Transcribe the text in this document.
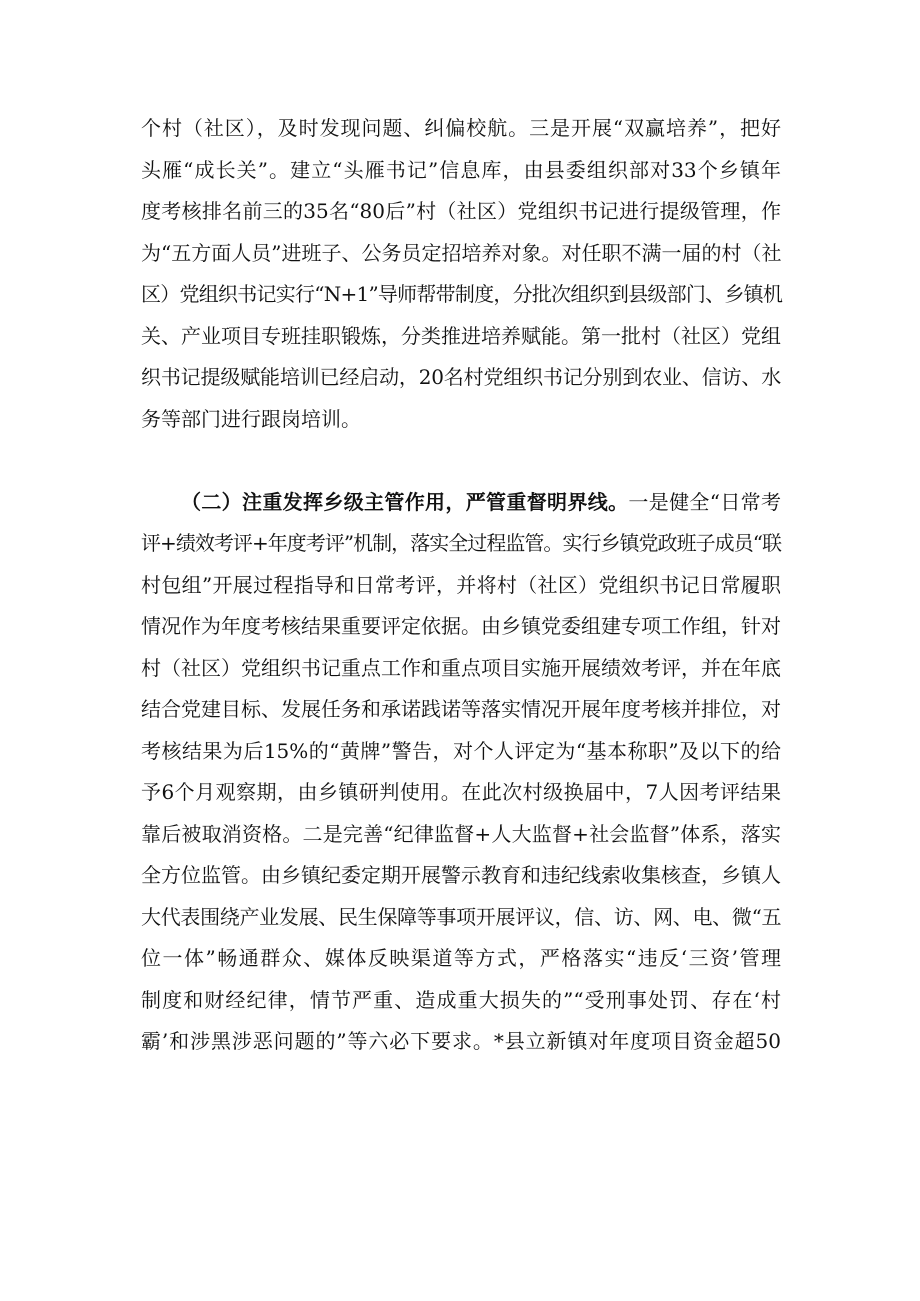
个村（社区），及时发现问题、纠偏校航。三是开展“双赢培养”，把好
头雁“成长关”。建立“头雁书记”信息库，由县委组织部对33个乡镇年
度考核排名前三的35名“80后”村（社区）党组织书记进行提级管理，作
为“五方面人员”进班子、公务员定招培养对象。对任职不满一届的村（社
区）党组织书记实行“N+1”导师帮带制度，分批次组织到县级部门、乡镇机
关、产业项目专班挂职锻炼，分类推进培养赋能。第一批村（社区）党组
织书记提级赋能培训已经启动，20名村党组织书记分别到农业、信访、水
务等部门进行跟岗培训。
（二）注重发挥乡级主管作用，严管重督明界线。一是健全“日常考
评+绩效考评+年度考评”机制，落实全过程监管。实行乡镇党政班子成员“联
村包组”开展过程指导和日常考评，并将村（社区）党组织书记日常履职
情况作为年度考核结果重要评定依据。由乡镇党委组建专项工作组，针对
村（社区）党组织书记重点工作和重点项目实施开展绩效考评，并在年底
结合党建目标、发展任务和承诺践诺等落实情况开展年度考核并排位，对
考核结果为后15%的“黄牌”警告，对个人评定为“基本称职”及以下的给
予6个月观察期，由乡镇研判使用。在此次村级换届中，7人因考评结果
靠后被取消资格。二是完善“纪律监督+人大监督+社会监督”体系，落实
全方位监管。由乡镇纪委定期开展警示教育和违纪线索收集核查，乡镇人
大代表围绕产业发展、民生保障等事项开展评议，信、访、网、电、微“五
位一体”畅通群众、媒体反映渠道等方式，严格落实“违反‘三资’管理
制度和财经纪律，情节严重、造成重大损失的”“受刑事处罚、存在‘村
霸’和涉黑涉恶问题的”等六必下要求。*县立新镇对年度项目资金超50
